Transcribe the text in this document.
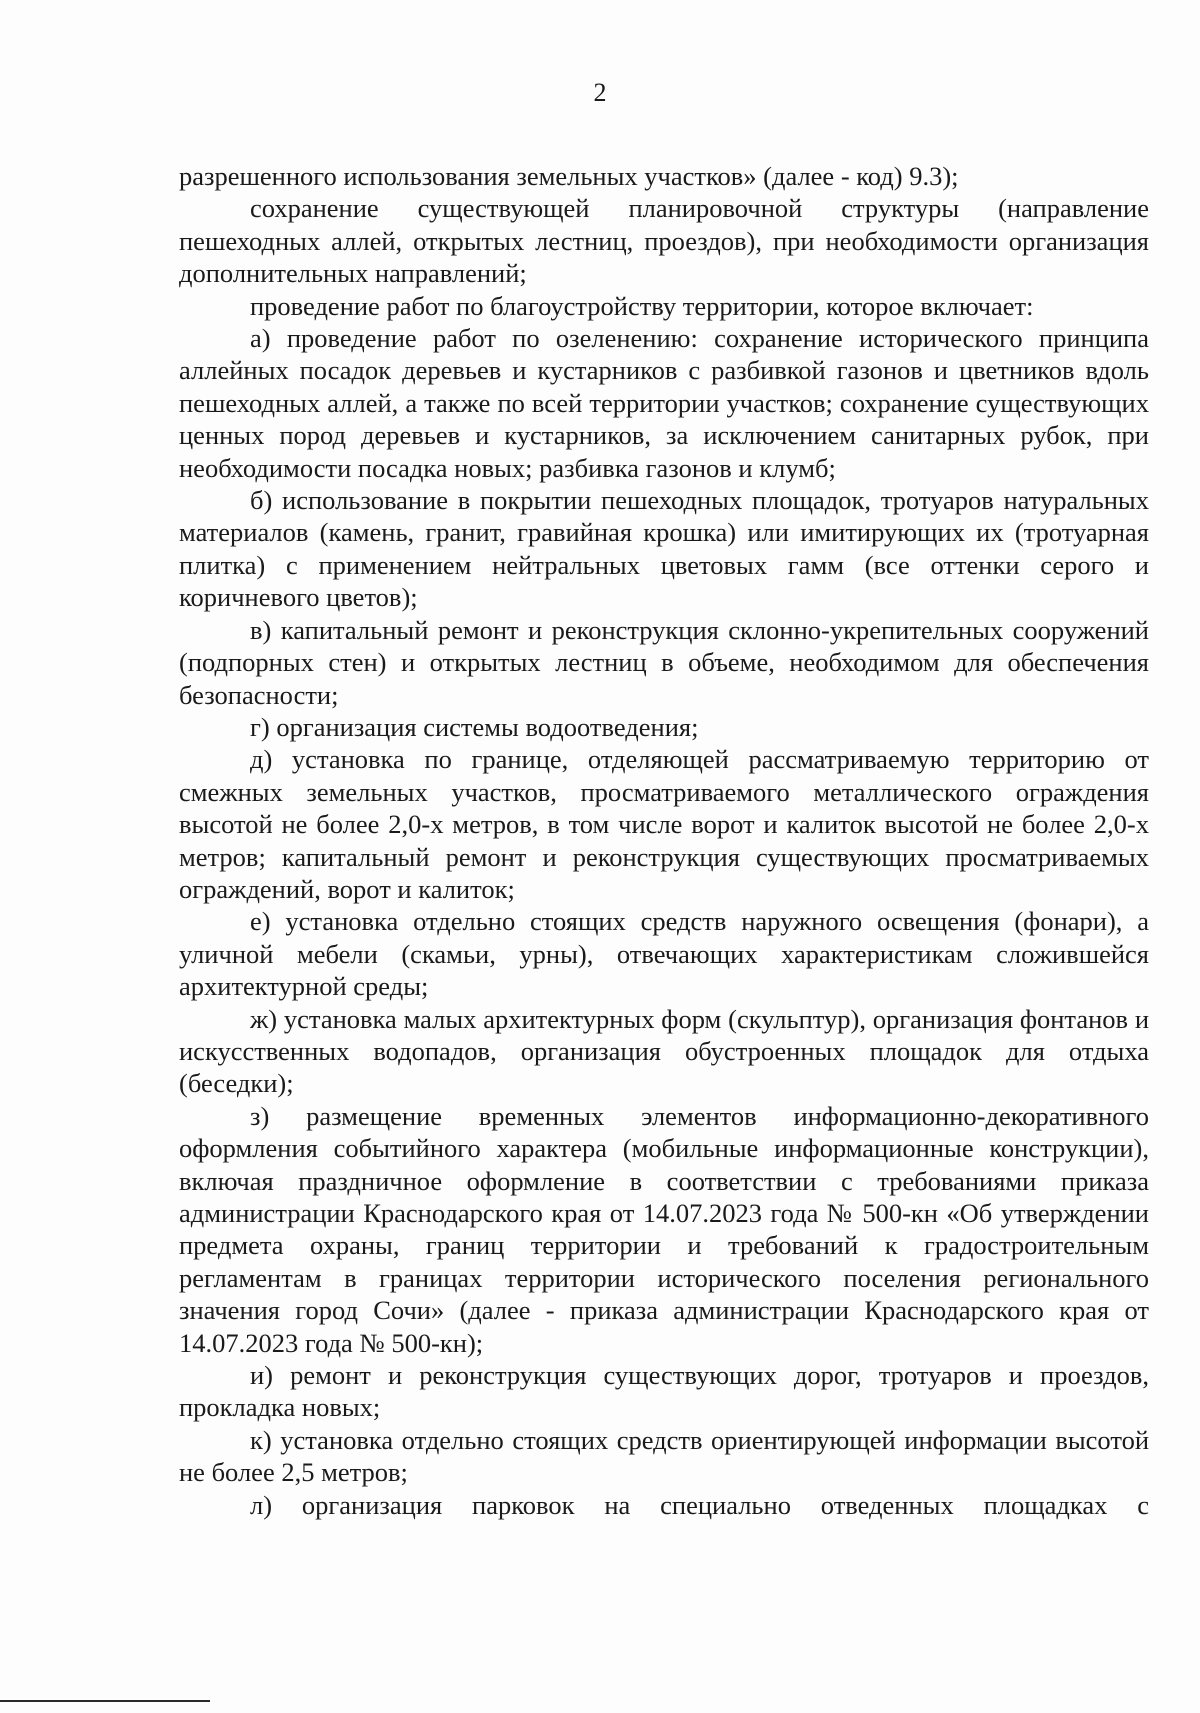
2

разрешенного использования земельных участков» (далее - код) 9.3);

сохранение существующей планировочной структуры (направление пешеходных аллей, открытых лестниц, проездов), при необходимости организация дополнительных направлений;

проведение работ по благоустройству территории, которое включает:

а) проведение работ по озеленению: сохранение исторического принципа аллейных посадок деревьев и кустарников с разбивкой газонов и цветников вдоль пешеходных аллей, а также по всей территории участков; сохранение существующих ценных пород деревьев и кустарников, за исключением санитарных рубок, при необходимости посадка новых; разбивка газонов и клумб;

б) использование в покрытии пешеходных площадок, тротуаров натуральных материалов (камень, гранит, гравийная крошка) или имитирующих их (тротуарная плитка) с применением нейтральных цветовых гамм (все оттенки серого и коричневого цветов);

в) капитальный ремонт и реконструкция склонно-укрепительных сооружений (подпорных стен) и открытых лестниц в объеме, необходимом для обеспечения безопасности;

г) организация системы водоотведения;

д) установка по границе, отделяющей рассматриваемую территорию от смежных земельных участков, просматриваемого металлического ограждения высотой не более 2,0-х метров, в том числе ворот и калиток высотой не более 2,0-х метров; капитальный ремонт и реконструкция существующих просматриваемых ограждений, ворот и калиток;

е) установка отдельно стоящих средств наружного освещения (фонари), а уличной мебели (скамьи, урны), отвечающих характеристикам сложившейся архитектурной среды;

ж) установка малых архитектурных форм (скульптур), организация фонтанов и искусственных водопадов, организация обустроенных площадок для отдыха (беседки);

з) размещение временных элементов информационно-декоративного оформления событийного характера (мобильные информационные конструкции), включая праздничное оформление в соответствии с требованиями приказа администрации Краснодарского края от 14.07.2023 года № 500-кн «Об утверждении предмета охраны, границ территории и требований к градостроительным регламентам в границах территории исторического поселения регионального значения город Сочи» (далее - приказа администрации Краснодарского края от 14.07.2023 года № 500-кн);

и) ремонт и реконструкция существующих дорог, тротуаров и проездов, прокладка новых;

к) установка отдельно стоящих средств ориентирующей информации высотой не более 2,5 метров;

л) организация парковок на специально отведенных площадках с
